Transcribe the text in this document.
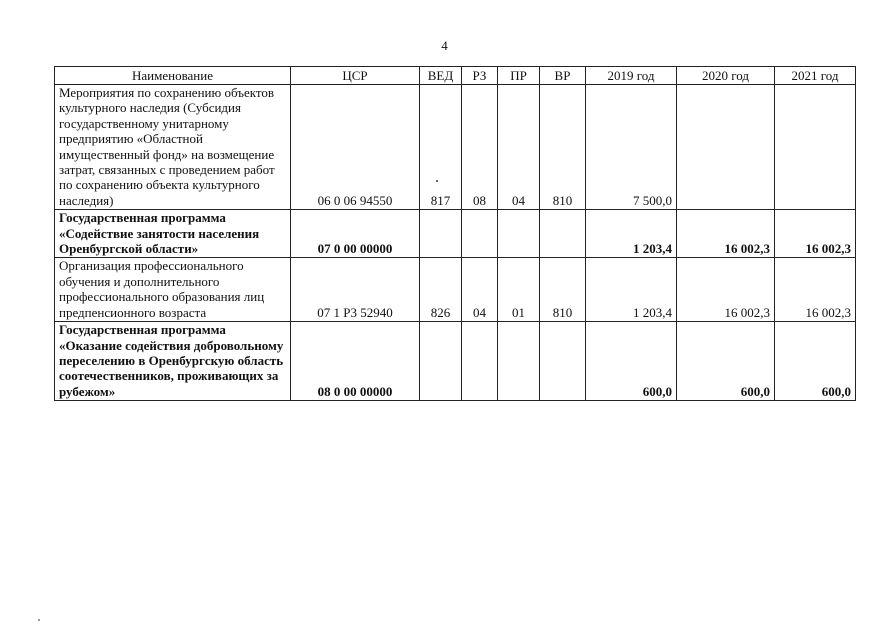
4
Наименование	ЦСР	ВЕД	РЗ	ПР	ВР	2019 год	2020 год	2021 год
Мероприятия по сохранению объектов культурного наследия (Субсидия государственному унитарному предприятию «Областной имущественный фонд» на возмещение затрат, связанных с проведением работ по сохранению объекта культурного наследия)	06 0 06 94550	817	08	04	810	7 500,0		
Государственная программа «Содействие занятости населения Оренбургской области»	07 0 00 00000					1 203,4	16 002,3	16 002,3
Организация профессионального обучения и дополнительного профессионального образования лиц предпенсионного возраста	07 1 P3 52940	826	04	01	810	1 203,4	16 002,3	16 002,3
Государственная программа «Оказание содействия добровольному переселению в Оренбургскую область соотечественников, проживающих за рубежом»	08 0 00 00000					600,0	600,0	600,0
